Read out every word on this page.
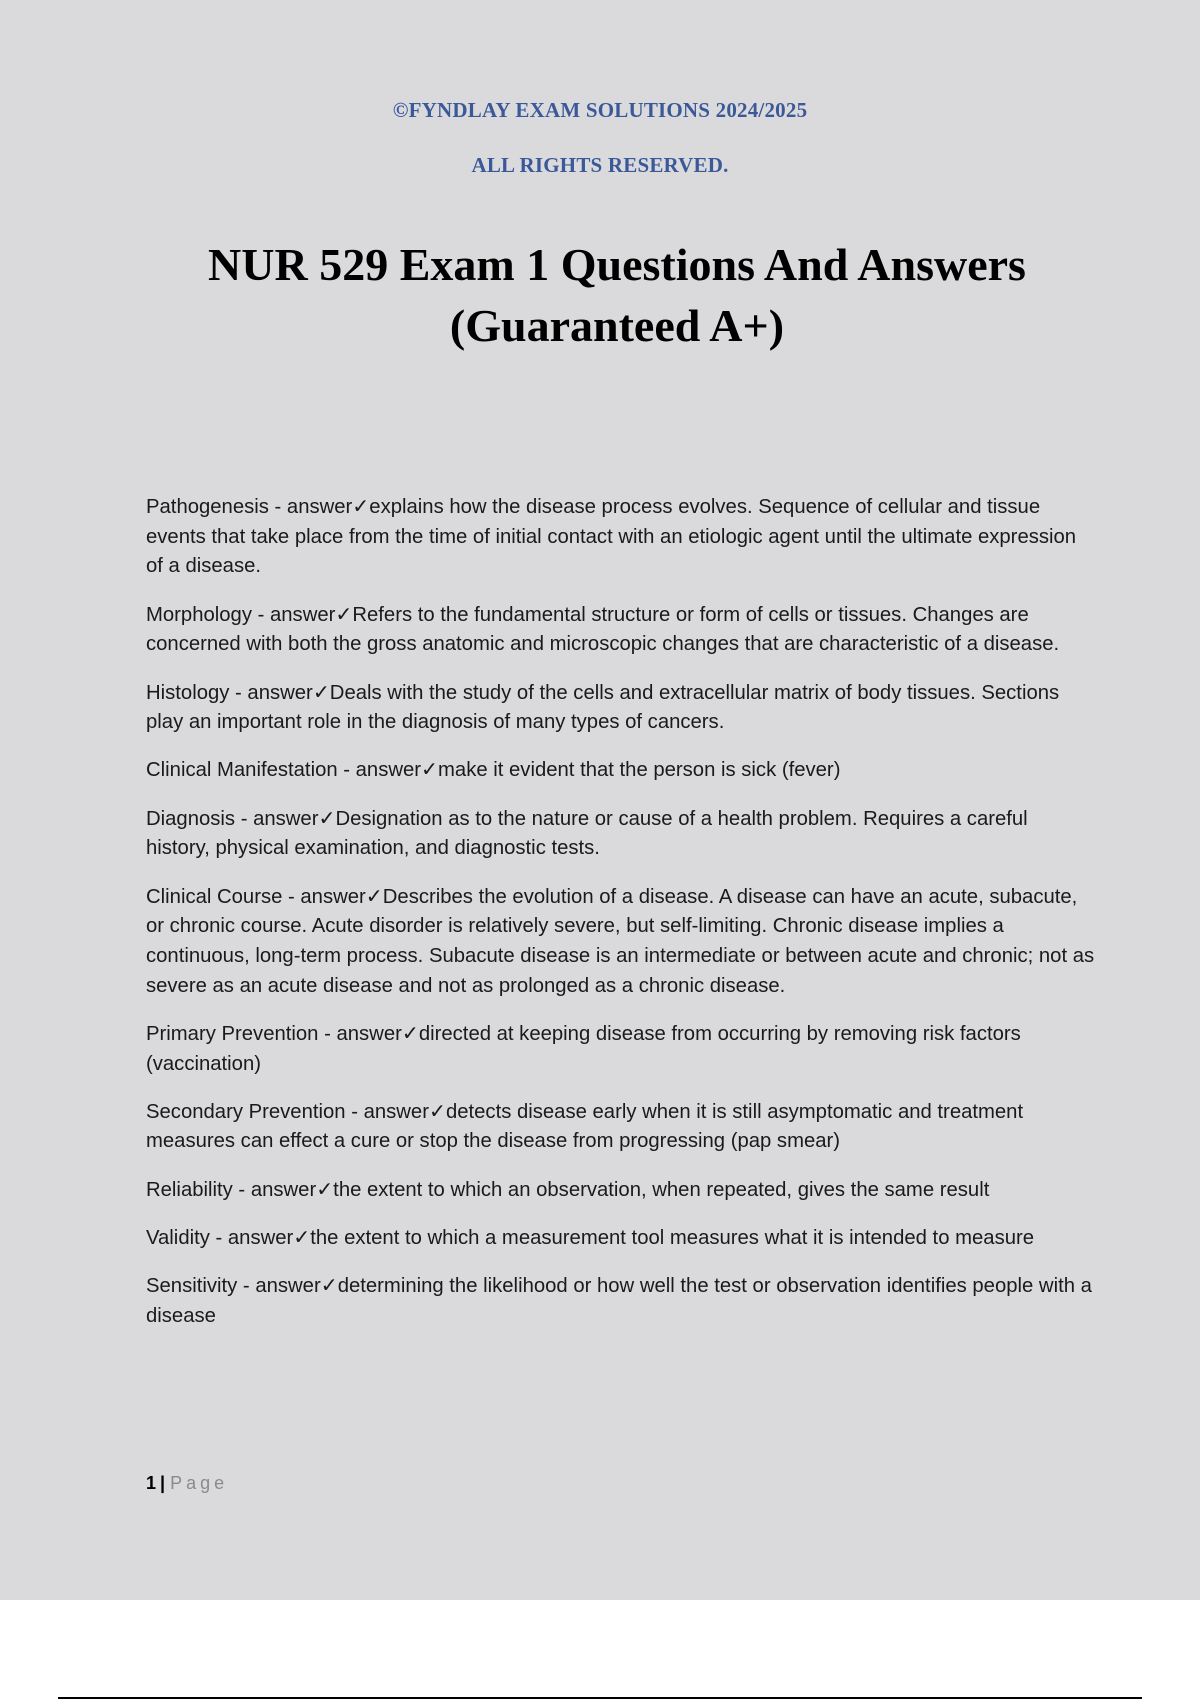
©FYNDLAY EXAM SOLUTIONS 2024/2025

ALL RIGHTS RESERVED.

NUR 529 Exam 1 Questions And Answers
(Guaranteed A+)

Pathogenesis - answer✓explains how the disease process evolves. Sequence of cellular and tissue events that take place from the time of initial contact with an etiologic agent until the ultimate expression of a disease.

Morphology - answer✓Refers to the fundamental structure or form of cells or tissues. Changes are concerned with both the gross anatomic and microscopic changes that are characteristic of a disease.

Histology - answer✓Deals with the study of the cells and extracellular matrix of body tissues. Sections play an important role in the diagnosis of many types of cancers.

Clinical Manifestation - answer✓make it evident that the person is sick (fever)

Diagnosis - answer✓Designation as to the nature or cause of a health problem. Requires a careful history, physical examination, and diagnostic tests.

Clinical Course - answer✓Describes the evolution of a disease. A disease can have an acute, subacute, or chronic course. Acute disorder is relatively severe, but self-limiting. Chronic disease implies a continuous, long-term process. Subacute disease is an intermediate or between acute and chronic; not as severe as an acute disease and not as prolonged as a chronic disease.

Primary Prevention - answer✓directed at keeping disease from occurring by removing risk factors (vaccination)

Secondary Prevention - answer✓detects disease early when it is still asymptomatic and treatment measures can effect a cure or stop the disease from progressing (pap smear)

Reliability - answer✓the extent to which an observation, when repeated, gives the same result

Validity - answer✓the extent to which a measurement tool measures what it is intended to measure

Sensitivity - answer✓determining the likelihood or how well the test or observation identifies people with a disease

1 | Page
